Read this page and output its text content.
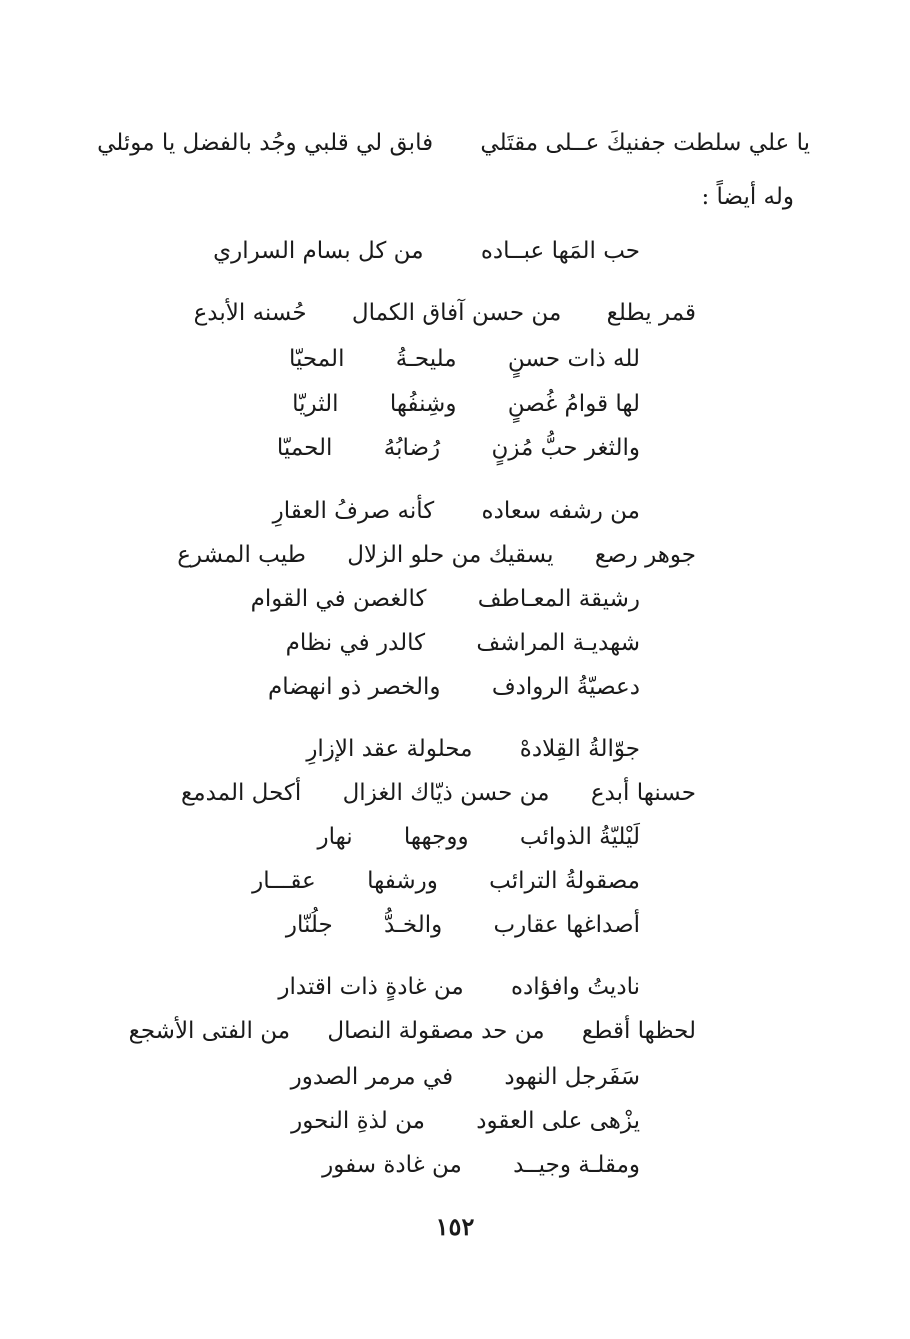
يا علي سلطت جفنيكَ عــلى مقتَلي فابق لي قلبي وجُد بالفضل يا موئلي
وله أيضاً :
حب المَها عبــاده من كل بسام السراري
قمر يطلع من حسن آفاق الكمال حُسنه الأبدع
لله ذات حسنٍ مليحـةُ المحيّا
لها قوامُ غُصنٍ وشِنفُها الثريّا
والثغر حبُّ مُزنٍ رُضابُهُ الحميّا
من رشفه سعاده كأنه صرفُ العقارِ
جوهر رصع يسقيك من حلو الزلال طيب المشرع
رشيقة المعـاطف كالغصن في القوام
شهديـة المراشف كالدر في نظام
دعصيّةُ الروادف والخصر ذو انهضام
جوّالةُ القِلادهْ محلولة عقد الإزارِ
حسنها أبدع من حسن ذيّاك الغزال أكحل المدمع
لَيْليّةُ الذوائب ووجهها نهار
مصقولةُ الترائب ورشفها عقـــار
أصداغها عقارب والخـدُّ جلُنّار
ناديتُ وافؤاده من غادةٍ ذات اقتدار
لحظها أقطع من حد مصقولة النصال من الفتى الأشجع
سَفَرجل النهود في مرمر الصدور
يزْهى على العقود من لذةِ النحور
ومقلـة وجيــد من غادة سفور
١٥٢
